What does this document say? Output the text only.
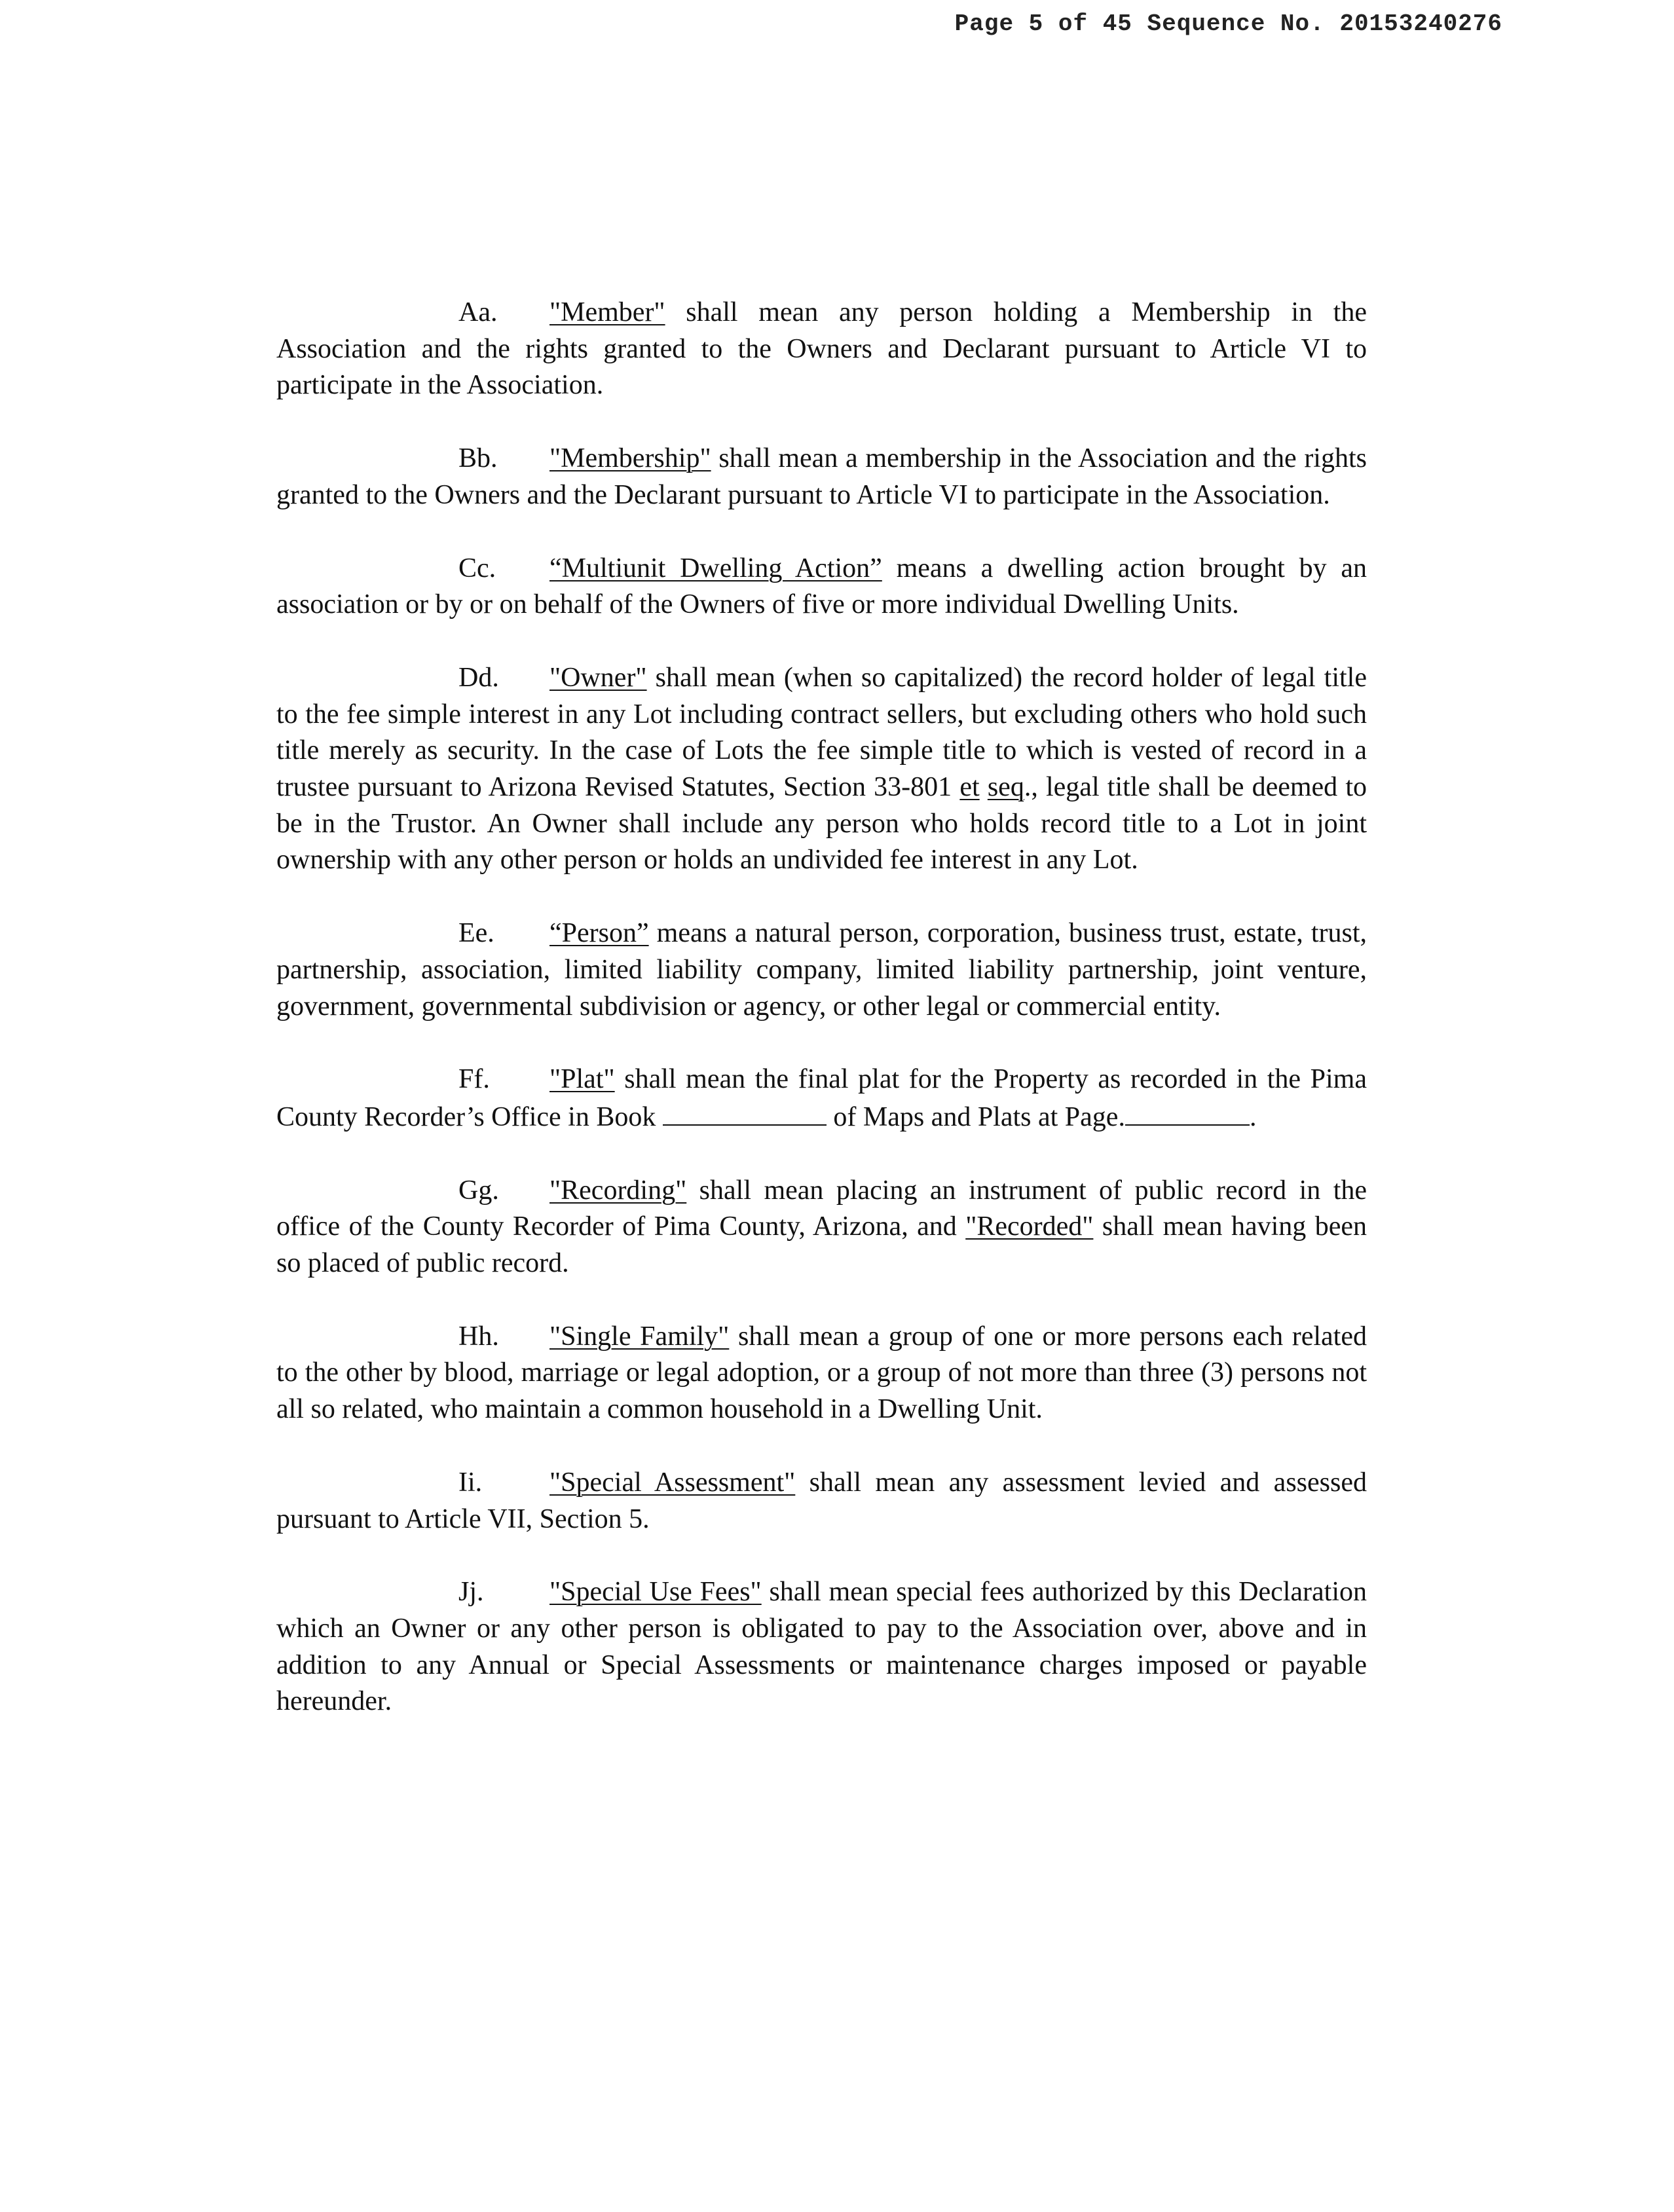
Page 5 of 45 Sequence No. 20153240276

Aa. "Member" shall mean any person holding a Membership in the Association and the rights granted to the Owners and Declarant pursuant to Article VI to participate in the Association.

Bb. "Membership" shall mean a membership in the Association and the rights granted to the Owners and the Declarant pursuant to Article VI to participate in the Association.

Cc. “Multiunit Dwelling Action” means a dwelling action brought by an association or by or on behalf of the Owners of five or more individual Dwelling Units.

Dd. "Owner" shall mean (when so capitalized) the record holder of legal title to the fee simple interest in any Lot including contract sellers, but excluding others who hold such title merely as security. In the case of Lots the fee simple title to which is vested of record in a trustee pursuant to Arizona Revised Statutes, Section 33-801 et seq., legal title shall be deemed to be in the Trustor. An Owner shall include any person who holds record title to a Lot in joint ownership with any other person or holds an undivided fee interest in any Lot.

Ee. “Person” means a natural person, corporation, business trust, estate, trust, partnership, association, limited liability company, limited liability partnership, joint venture, government, governmental subdivision or agency, or other legal or commercial entity.

Ff. "Plat" shall mean the final plat for the Property as recorded in the Pima County Recorder’s Office in Book	of Maps and Plats at Page.	.

Gg. "Recording" shall mean placing an instrument of public record in the office of the County Recorder of Pima County, Arizona, and "Recorded" shall mean having been so placed of public record.

Hh. "Single Family" shall mean a group of one or more persons each related to the other by blood, marriage or legal adoption, or a group of not more than three (3) persons not all so related, who maintain a common household in a Dwelling Unit.

Ii. "Special Assessment" shall mean any assessment levied and assessed pursuant to Article VII, Section 5.

Jj. "Special Use Fees" shall mean special fees authorized by this Declaration which an Owner or any other person is obligated to pay to the Association over, above and in addition to any Annual or Special Assessments or maintenance charges imposed or payable hereunder.
